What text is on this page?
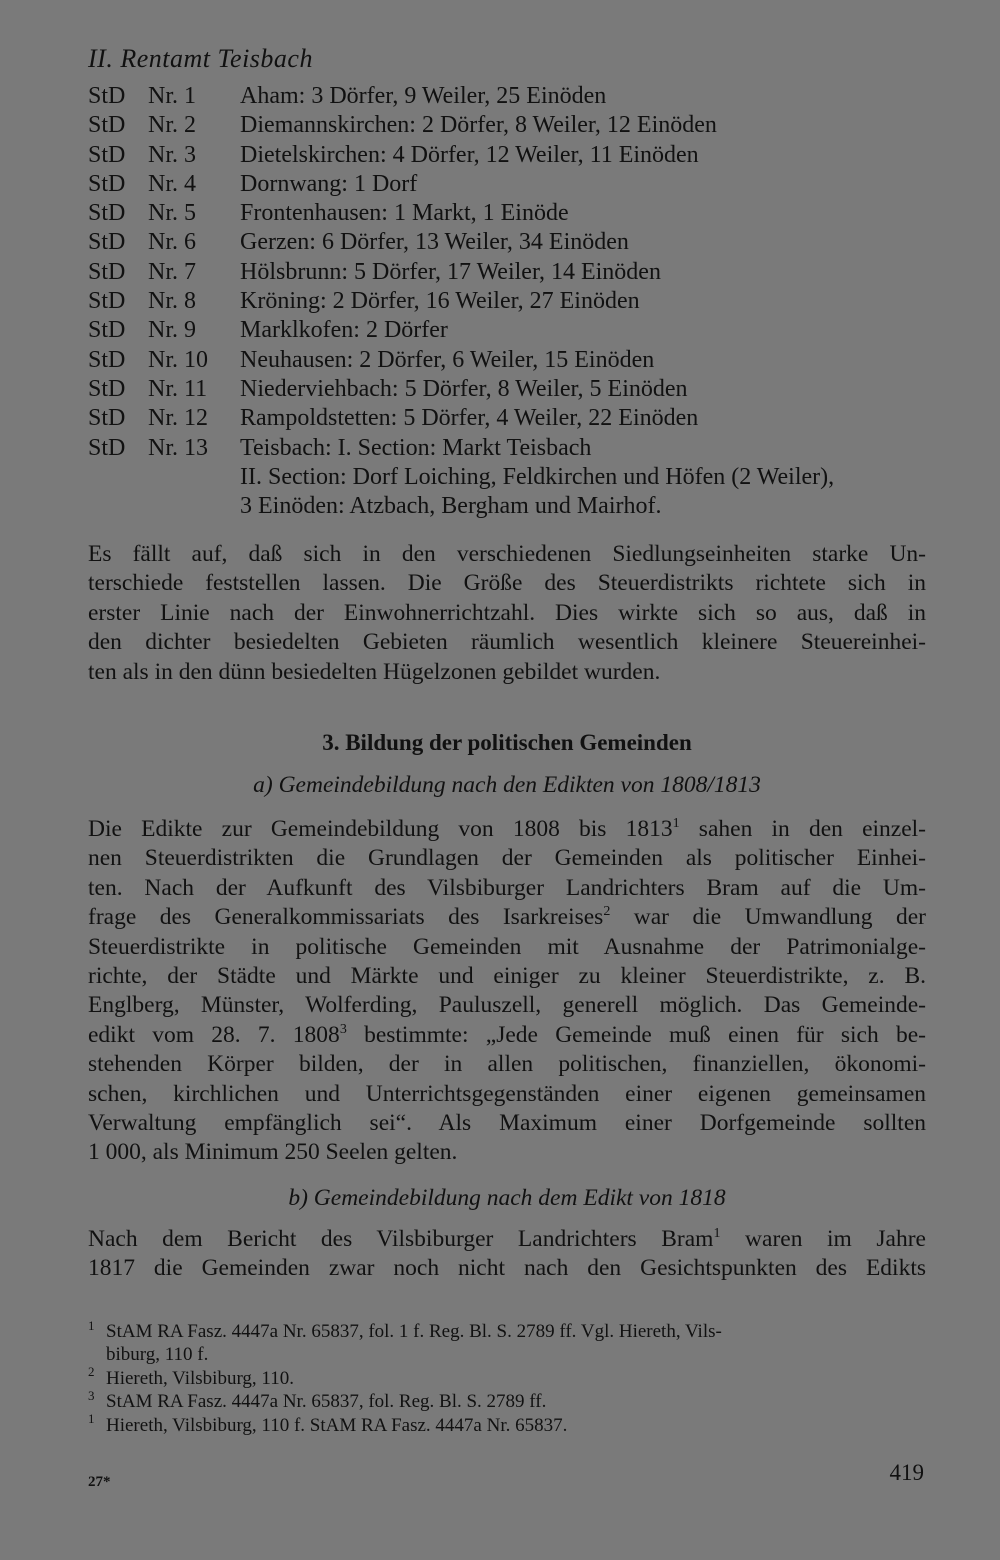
II. Rentamt Teisbach
StD Nr. 1	Aham: 3 Dörfer, 9 Weiler, 25 Einöden
StD Nr. 2	Diemannskirchen: 2 Dörfer, 8 Weiler, 12 Einöden
StD Nr. 3	Dietelskirchen: 4 Dörfer, 12 Weiler, 11 Einöden
StD Nr. 4	Dornwang: 1 Dorf
StD Nr. 5	Frontenhausen: 1 Markt, 1 Einöde
StD Nr. 6	Gerzen: 6 Dörfer, 13 Weiler, 34 Einöden
StD Nr. 7	Hölsbrunn: 5 Dörfer, 17 Weiler, 14 Einöden
StD Nr. 8	Kröning: 2 Dörfer, 16 Weiler, 27 Einöden
StD Nr. 9	Marklkofen: 2 Dörfer
StD Nr. 10	Neuhausen: 2 Dörfer, 6 Weiler, 15 Einöden
StD Nr. 11	Niederviehbach: 5 Dörfer, 8 Weiler, 5 Einöden
StD Nr. 12	Rampoldstetten: 5 Dörfer, 4 Weiler, 22 Einöden
StD Nr. 13	Teisbach: I. Section: Markt Teisbach
II. Section: Dorf Loiching, Feldkirchen und Höfen (2 Weiler),
3 Einöden: Atzbach, Bergham und Mairhof.

Es fällt auf, daß sich in den verschiedenen Siedlungseinheiten starke Un-
terschiede feststellen lassen. Die Größe des Steuerdistrikts richtete sich in
erster Linie nach der Einwohnerrichtzahl. Dies wirkte sich so aus, daß in
den dichter besiedelten Gebieten räumlich wesentlich kleinere Steuereinhei-
ten als in den dünn besiedelten Hügelzonen gebildet wurden.

3. Bildung der politischen Gemeinden
a) Gemeindebildung nach den Edikten von 1808/1813

Die Edikte zur Gemeindebildung von 1808 bis 1813$^1$ sahen in den einzel-
nen Steuerdistrikten die Grundlagen der Gemeinden als politischer Einhei-
ten. Nach der Aufkunft des Vilsbiburger Landrichters Bram auf die Um-
frage des Generalkommissariats des Isarkreises$^2$ war die Umwandlung der
Steuerdistrikte in politische Gemeinden mit Ausnahme der Patrimonialge-
richte, der Städte und Märkte und einiger zu kleiner Steuerdistrikte, z. B.
Englberg, Münster, Wolferding, Pauluszell, generell möglich. Das Gemeinde-
edikt vom 28. 7. 1808$^3$ bestimmte: „Jede Gemeinde muß einen für sich be-
stehenden Körper bilden, der in allen politischen, finanziellen, ökonomi-
schen, kirchlichen und Unterrichtsgegenständen einer eigenen gemeinsamen
Verwaltung empfänglich sei“. Als Maximum einer Dorfgemeinde sollten
1 000, als Minimum 250 Seelen gelten.

b) Gemeindebildung nach dem Edikt von 1818

Nach dem Bericht des Vilsbiburger Landrichters Bram$^1$ waren im Jahre
1817 die Gemeinden zwar noch nicht nach den Gesichtspunkten des Edikts

1 StAM RA Fasz. 4447a Nr. 65837, fol. 1 f. Reg. Bl. S. 2789 ff. Vgl. Hiereth, Vils-
biburg, 110 f.
2 Hiereth, Vilsbiburg, 110.
3 StAM RA Fasz. 4447a Nr. 65837, fol. Reg. Bl. S. 2789 ff.
1 Hiereth, Vilsbiburg, 110 f. StAM RA Fasz. 4447a Nr. 65837.
419
27*
